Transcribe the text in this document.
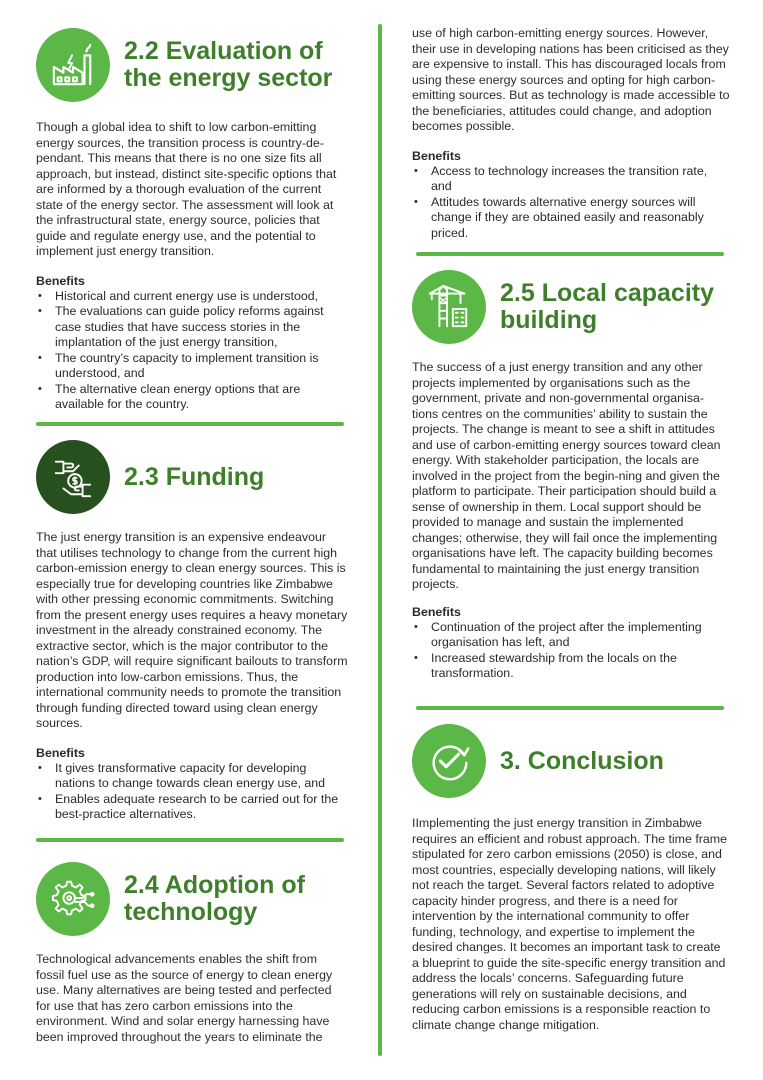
2.2 Evaluation of the energy sector
Though a global idea to shift to low carbon-emitting energy sources, the transition process is country-de-pendant. This means that there is no one size fits all approach, but instead, distinct site-specific options that are informed by a thorough evaluation of the current state of the energy sector. The assessment will look at the infrastructural state, energy source, policies that guide and regulate energy use, and the potential to implement just energy transition.
Benefits
• Historical and current energy use is understood,
• The evaluations can guide policy reforms against case studies that have success stories in the implantation of the just energy transition,
• The country’s capacity to implement transition is understood, and
• The alternative clean energy options that are available for the country.
2.3 Funding
The just energy transition is an expensive endeavour that utilises technology to change from the current high carbon-emission energy to clean energy sources. This is especially true for developing countries like Zimbabwe with other pressing economic commitments. Switching from the present energy uses requires a heavy monetary investment in the already constrained economy. The extractive sector, which is the major contributor to the nation’s GDP, will require significant bailouts to transform production into low-carbon emissions. Thus, the international community needs to promote the transition through funding directed toward using clean energy sources.
Benefits
• It gives transformative capacity for developing nations to change towards clean energy use, and
• Enables adequate research to be carried out for the best-practice alternatives.
2.4 Adoption of technology
Technological advancements enables the shift from fossil fuel use as the source of energy to clean energy use. Many alternatives are being tested and perfected for use that has zero carbon emissions into the environment. Wind and solar energy harnessing have been improved throughout the years to eliminate the
use of high carbon-emitting energy sources. However, their use in developing nations has been criticised as they are expensive to install. This has discouraged locals from using these energy sources and opting for high carbon-emitting sources. But as technology is made accessible to the beneficiaries, attitudes could change, and adoption becomes possible.
Benefits
• Access to technology increases the transition rate, and
• Attitudes towards alternative energy sources will change if they are obtained easily and reasonably priced.
2.5 Local capacity building
The success of a just energy transition and any other projects implemented by organisations such as the government, private and non-governmental organisa-tions centres on the communities’ ability to sustain the projects. The change is meant to see a shift in attitudes and use of carbon-emitting energy sources toward clean energy. With stakeholder participation, the locals are involved in the project from the begin-ning and given the platform to participate. Their participation should build a sense of ownership in them. Local support should be provided to manage and sustain the implemented changes; otherwise, they will fail once the implementing organisations have left. The capacity building becomes fundamental to maintaining the just energy transition projects.
Benefits
• Continuation of the project after the implementing organisation has left, and
• Increased stewardship from the locals on the transformation.
3. Conclusion
IImplementing the just energy transition in Zimbabwe requires an efficient and robust approach. The time frame stipulated for zero carbon emissions (2050) is close, and most countries, especially developing nations, will likely not reach the target. Several factors related to adoptive capacity hinder progress, and there is a need for intervention by the international community to offer funding, technology, and expertise to implement the desired changes. It becomes an important task to create a blueprint to guide the site-specific energy transition and address the locals’ concerns. Safeguarding future generations will rely on sustainable decisions, and reducing carbon emissions is a responsible reaction to climate change change mitigation.
